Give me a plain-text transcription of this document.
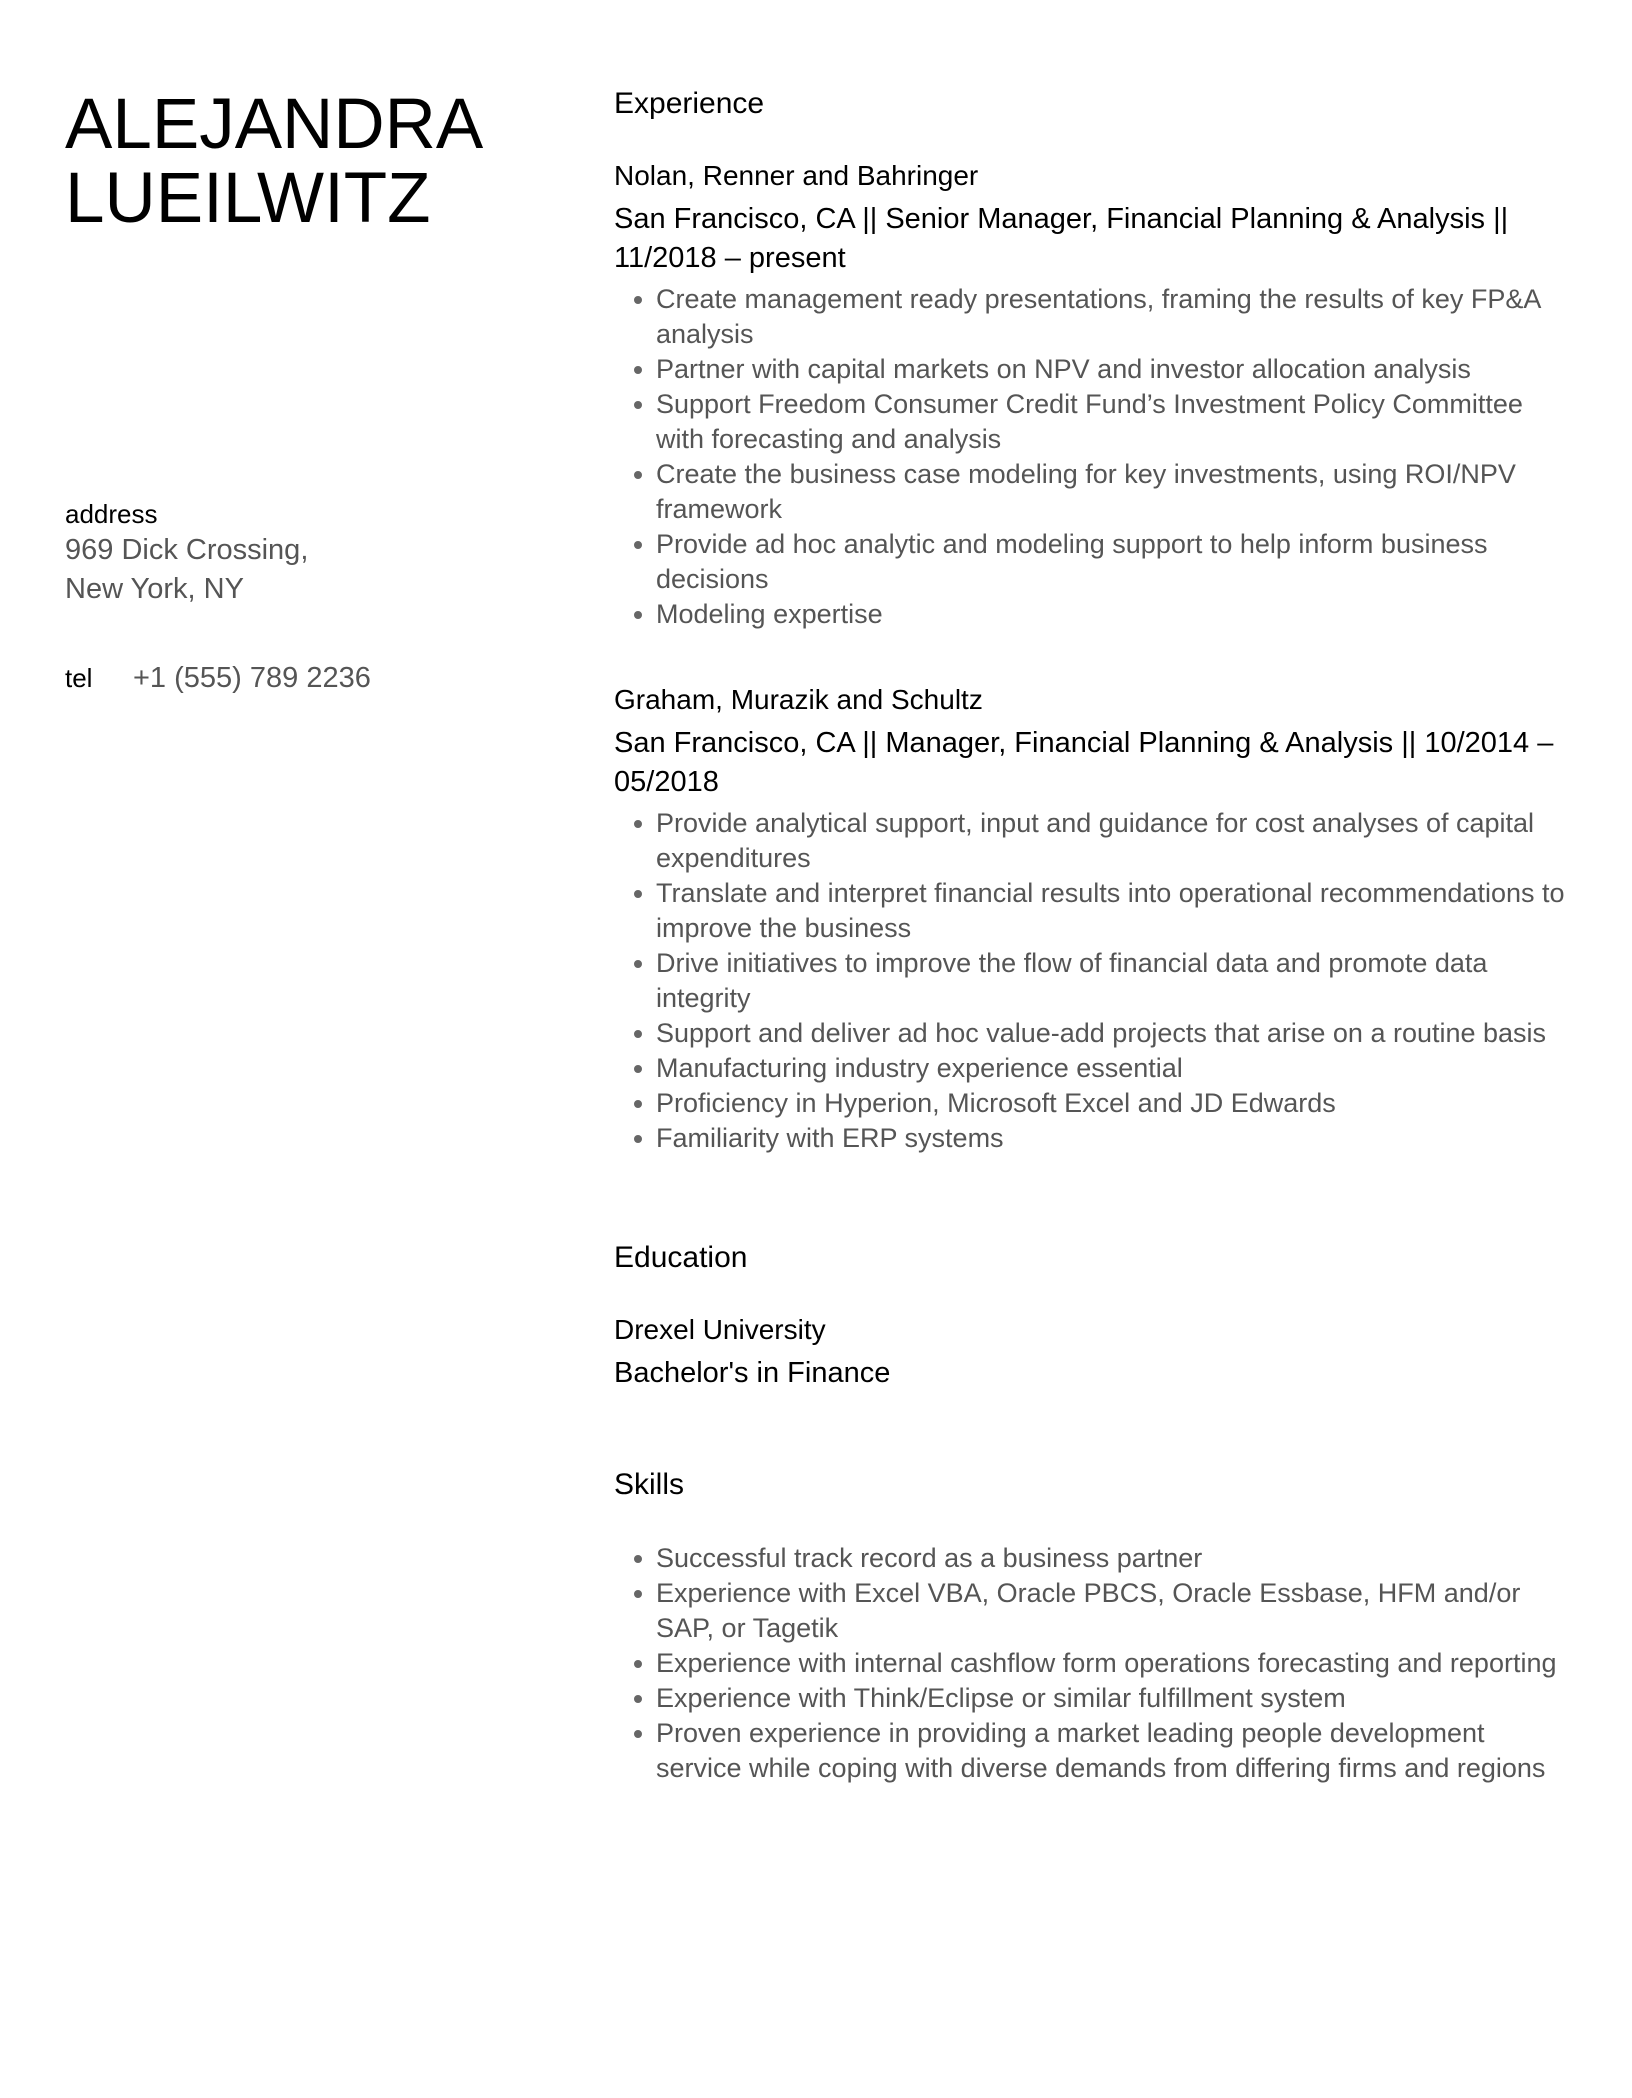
ALEJANDRA

LUEILWITZ

address

969 Dick Crossing,

New York, NY

tel	+1 (555) 789 2236
Experience

Nolan, Renner and Bahringer

San Francisco, CA || Senior Manager, Financial Planning & Analysis || 11/2018 – present

Create management ready presentations, framing the results of key FP&A analysis
Partner with capital markets on NPV and investor allocation analysis
Support Freedom Consumer Credit Fund’s Investment Policy Committee with forecasting and analysis
Create the business case modeling for key investments, using ROI/NPV framework
Provide ad hoc analytic and modeling support to help inform business decisions
Modeling expertise

Graham, Murazik and Schultz

San Francisco, CA || Manager, Financial Planning & Analysis || 10/2014 – 05/2018

Provide analytical support, input and guidance for cost analyses of capital expenditures
Translate and interpret financial results into operational recommendations to improve the business
Drive initiatives to improve the flow of financial data and promote data integrity
Support and deliver ad hoc value-add projects that arise on a routine basis
Manufacturing industry experience essential
Proficiency in Hyperion, Microsoft Excel and JD Edwards
Familiarity with ERP systems
Education

Drexel University

Bachelor's in Finance

Skills
Successful track record as a business partner
Experience with Excel VBA, Oracle PBCS, Oracle Essbase, HFM and/or SAP, or Tagetik
Experience with internal cashflow form operations forecasting and reporting
Experience with Think/Eclipse or similar fulfillment system
Proven experience in providing a market leading people development service while coping with diverse demands from differing firms and regions
